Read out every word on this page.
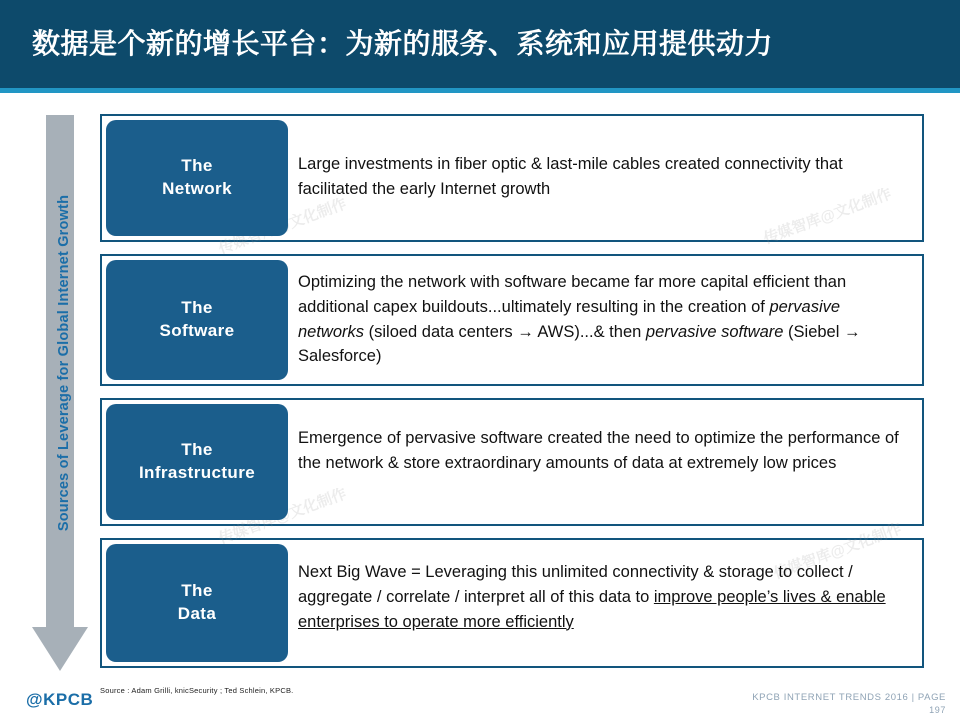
数据是个新的增长平台：为新的服务、系统和应用提供动力
Sources of Leverage for Global Internet Growth
The
Network
Large investments in fiber optic & last-mile cables created connectivity that facilitated the early Internet growth
The
Software
Optimizing the network with software became far more capital efficient than additional capex buildouts...ultimately resulting in the creation of pervasive networks (siloed data centers → AWS)...& then pervasive software (Siebel → Salesforce)
The
Infrastructure
Emergence of pervasive software created the need to optimize the performance of the network & store extraordinary amounts of data at extremely low prices
The
Data
Next Big Wave = Leveraging this unlimited connectivity & storage to collect / aggregate / correlate / interpret all of this data to improve people’s lives & enable enterprises to operate more efficiently
Source : Adam Grilli, knicSecurity ; Ted Schlein, KPCB.
@KPCB	KPCB INTERNET TRENDS 2016 | PAGE
197
